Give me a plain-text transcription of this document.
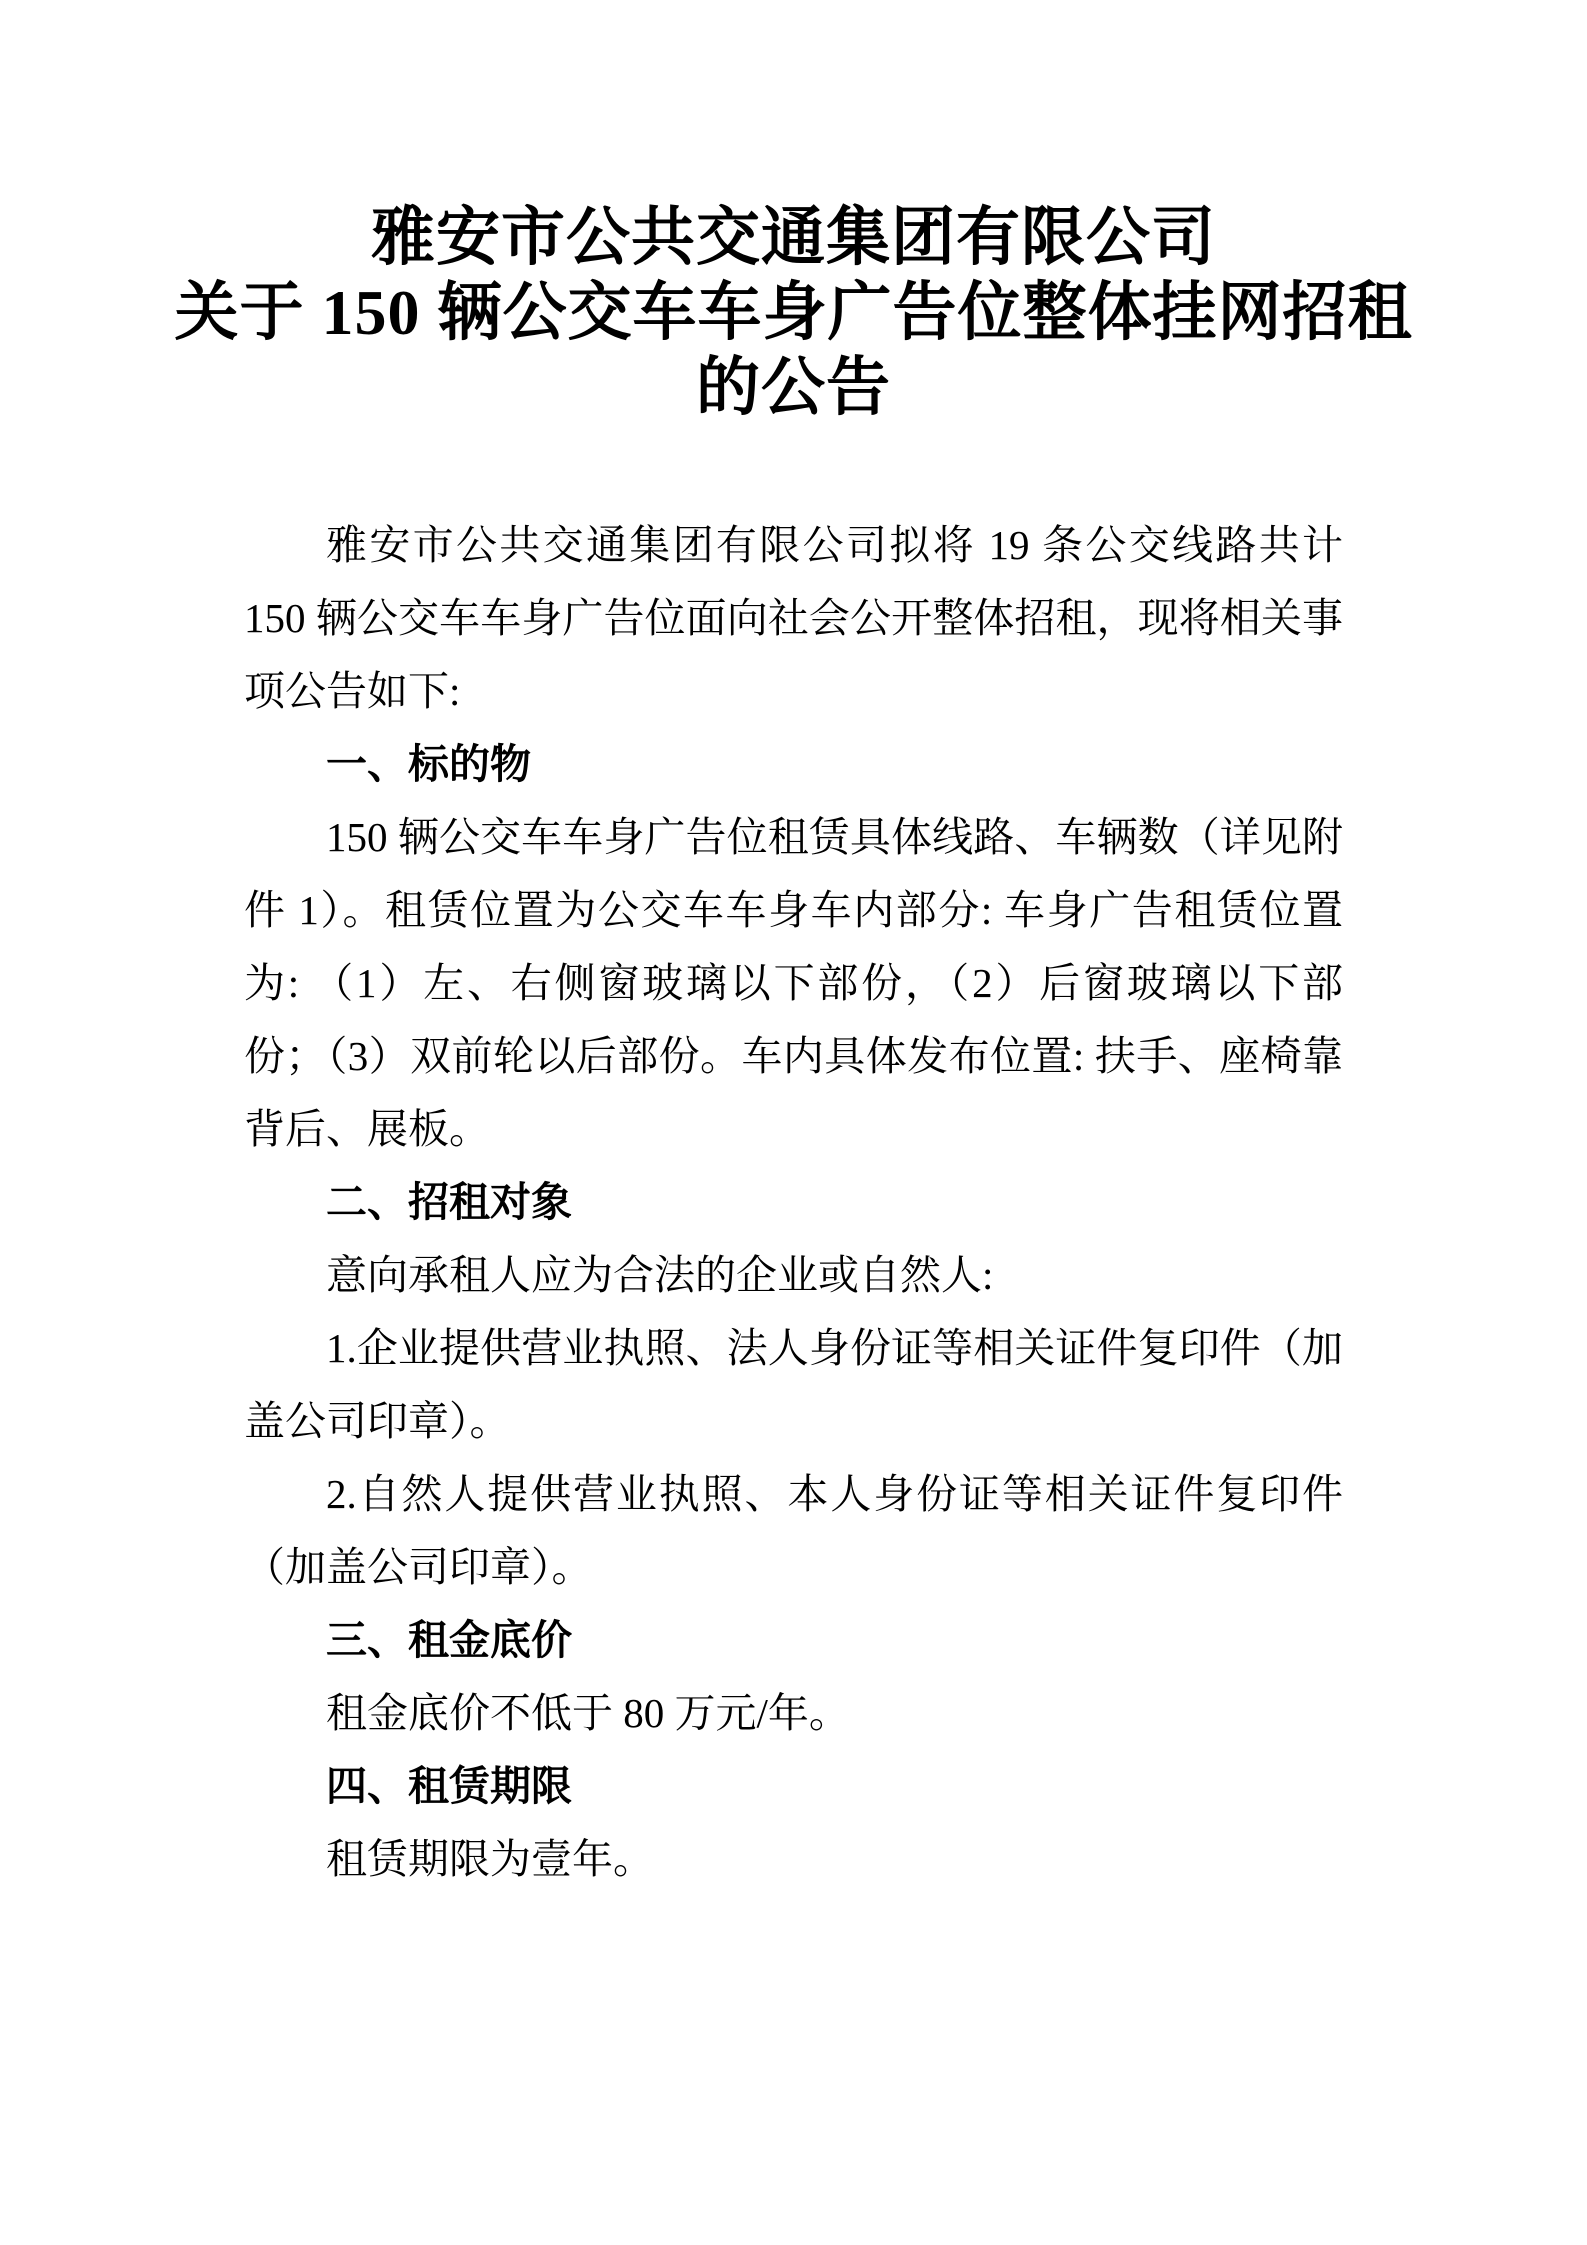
雅安市公共交通集团有限公司
关于 150 辆公交车车身广告位整体挂网招租
的公告

雅安市公共交通集团有限公司拟将 19 条公交线路共计 150 辆公交车车身广告位面向社会公开整体招租，现将相关事项公告如下:

一、标的物

150 辆公交车车身广告位租赁具体线路、车辆数（详见附件 1）。租赁位置为公交车车身车内部分: 车身广告租赁位置为: （1）左、右侧窗玻璃以下部份，（2）后窗玻璃以下部份；（3）双前轮以后部份。车内具体发布位置: 扶手、座椅靠背后、展板。

二、招租对象

意向承租人应为合法的企业或自然人:

1.企业提供营业执照、法人身份证等相关证件复印件（加盖公司印章）。

2.自然人提供营业执照、本人身份证等相关证件复印件（加盖公司印章）。

三、租金底价

租金底价不低于 80 万元/年。

四、租赁期限

租赁期限为壹年。
